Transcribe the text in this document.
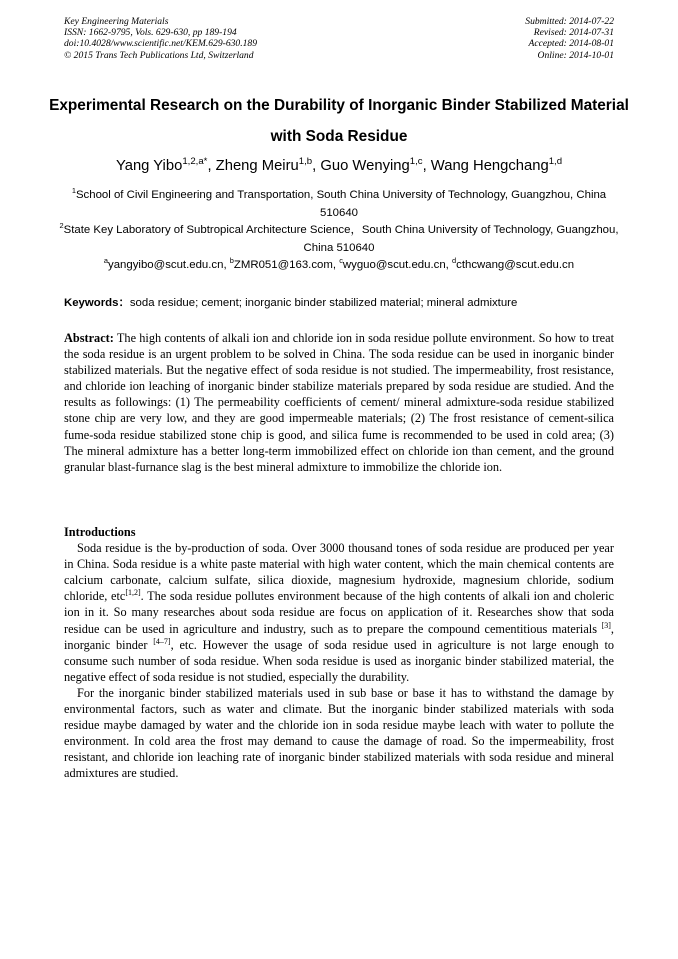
Key Engineering Materials
ISSN: 1662-9795, Vols. 629-630, pp 189-194
doi:10.4028/www.scientific.net/KEM.629-630.189
© 2015 Trans Tech Publications Ltd, Switzerland
Submitted: 2014-07-22
Revised: 2014-07-31
Accepted: 2014-08-01
Online: 2014-10-01
Experimental Research on the Durability of Inorganic Binder Stabilized Material with Soda Residue
Yang Yibo$^{1,2,a*}$, Zheng Meiru$^{1,b}$, Guo Wenying$^{1,c}$, Wang Hengchang$^{1,d}$

$^1$School of Civil Engineering and Transportation, South China University of Technology, Guangzhou, China 510640

$^2$State Key Laboratory of Subtropical Architecture Science，South China University of Technology, Guangzhou, China 510640

$^a$yangyibo@scut.edu.cn, $^b$ZMR051@163.com, $^c$wyguo@scut.edu.cn, $^d$cthcwang@scut.edu.cn

Keywords：soda residue; cement; inorganic binder stabilized material; mineral admixture

Abstract: The high contents of alkali ion and chloride ion in soda residue pollute environment. So how to treat the soda residue is an urgent problem to be solved in China. The soda residue can be used in inorganic binder stabilized materials. But the negative effect of soda residue is not studied. The impermeability, frost resistance, and chloride ion leaching of inorganic binder stabilize materials prepared by soda residue are studied. And the results as followings: (1) The permeability coefficients of cement/ mineral admixture-soda residue stabilized stone chip are very low, and they are good impermeable materials; (2) The frost resistance of cement-silica fume-soda residue stabilized stone chip is good, and silica fume is recommended to be used in cold area; (3) The mineral admixture has a better long-term immobilized effect on chloride ion than cement, and the ground granular blast-furnance slag is the best mineral admixture to immobilize the chloride ion.

Introductions

Soda residue is the by-production of soda. Over 3000 thousand tones of soda residue are produced per year in China. Soda residue is a white paste material with high water content, which the main chemical contents are calcium carbonate, calcium sulfate, silica dioxide, magnesium hydroxide, magnesium chloride, sodium chloride, etc[1,2]. The soda residue pollutes environment because of the high contents of alkali ion and choleric ion in it. So many researches about soda residue are focus on application of it. Researches show that soda residue can be used in agriculture and industry, such as to prepare the compound cementitious materials [3], inorganic binder [4–7], etc. However the usage of soda residue used in agriculture is not large enough to consume such number of soda residue. When soda residue is used as inorganic binder stabilized material, the negative effect of soda residue is not studied, especially the durability.

For the inorganic binder stabilized materials used in sub base or base it has to withstand the damage by environmental factors, such as water and climate. But the inorganic binder stabilized materials with soda residue maybe damaged by water and the chloride ion in soda residue maybe leach with water to pollute the environment. In cold area the frost may demand to cause the damage of road. So the impermeability, frost resistant, and chloride ion leaching rate of inorganic binder stabilized materials with soda residue and mineral admixtures are studied.
